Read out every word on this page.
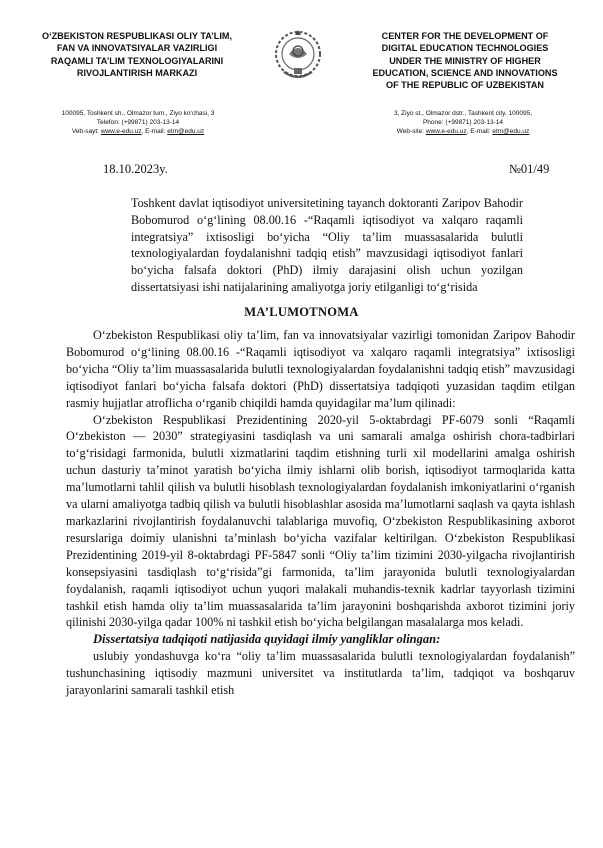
O‘ZBEKISTON RESPUBLIKASI OLIY TA’LIM,
FAN VA INNOVATSIYALAR VAZIRLIGI
RAQAMLI TA’LIM TEXNOLOGIYALARINI
RIVOJLANTIRISH MARKAZI
CENTER FOR THE DEVELOPMENT OF
DIGITAL EDUCATION TECHNOLOGIES
UNDER THE MINISTRY OF HIGHER
EDUCATION, SCIENCE AND INNOVATIONS
OF THE REPUBLIC OF UZBEKISTAN
100095, Toshkent sh., Olmazor tum., Ziyo ko‘chasi, 3
Telefon: (+99871) 203-13-14
Veb-sayt: www.e-edu.uz, E-mail: etm@edu.uz
3, Ziyo st., Olmazor dstr., Tashkent city, 100095,
Phone: (+99871) 203-13-14
Web-site: www.e-edu.uz, E-mail: etm@edu.uz
18.10.2023y.	№01/49
Toshkent davlat iqtisodiyot universitetining tayanch doktoranti Zaripov Bahodir Bobomurod o‘g‘lining 08.00.16 -“Raqamli iqtisodiyot va xalqaro raqamli integratsiya” ixtisosligi bo‘yicha “Oliy ta’lim muassasalarida bulutli texnologiyalardan foydalanishni tadqiq etish” mavzusidagi iqtisodiyot fanlari bo‘yicha falsafa doktori (PhD) ilmiy darajasini olish uchun yozilgan dissertatsiyasi ishi natijalarining amaliyotga joriy etilganligi to‘g‘risida
MA’LUMOTNOMA

O‘zbekiston Respublikasi oliy ta’lim, fan va innovatsiyalar vazirligi tomonidan Zaripov Bahodir Bobomurod o‘g‘lining 08.00.16 -“Raqamli iqtisodiyot va xalqaro raqamli integratsiya” ixtisosligi bo‘yicha “Oliy ta’lim muassasalarida bulutli texnologiyalardan foydalanishni tadqiq etish” mavzusidagi iqtisodiyot fanlari bo‘yicha falsafa doktori (PhD) dissertatsiya tadqiqoti yuzasidan taqdim etilgan rasmiy hujjatlar atroflicha o‘rganib chiqildi hamda quyidagilar ma’lum qilinadi:

O‘zbekiston Respublikasi Prezidentining 2020-yil 5-oktabrdagi PF-6079 sonli “Raqamli O‘zbekiston — 2030” strategiyasini tasdiqlash va uni samarali amalga oshirish chora-tadbirlari to‘g‘risidagi farmonida, bulutli xizmatlarini taqdim etishning turli xil modellarini amalga oshirish uchun dasturiy ta’minot yaratish bo‘yicha ilmiy ishlarni olib borish, iqtisodiyot tarmoqlarida katta ma’lumotlarni tahlil qilish va bulutli hisoblash texnologiyalardan foydalanish imkoniyatlarini o‘rganish va ularni amaliyotga tadbiq qilish va bulutli hisoblashlar asosida ma’lumotlarni saqlash va qayta ishlash markazlarini rivojlantirish foydalanuvchi talablariga muvofiq, O‘zbekiston Respublikasining axborot resurslariga doimiy ulanishni ta’minlash bo‘yicha vazifalar keltirilgan. O‘zbekiston Respublikasi Prezidentining 2019-yil 8-oktabrdagi PF-5847 sonli “Oliy ta’lim tizimini 2030-yilgacha rivojlantirish konsepsiyasini tasdiqlash to‘g‘risida”gi farmonida, ta’lim jarayonida bulutli texnologiyalardan foydalanish, raqamli iqtisodiyot uchun yuqori malakali muhandis-texnik kadrlar tayyorlash tizimini tashkil etish hamda oliy ta’lim muassasalarida ta’lim jarayonini boshqarishda axborot tizimini joriy qilinishi 2030-yilga qadar 100% ni tashkil etish bo‘yicha belgilangan masalalarga mos keladi.

Dissertatsiya tadqiqoti natijasida quyidagi ilmiy yangliklar olingan:

uslubiy yondashuvga ko‘ra “oliy ta’lim muassasalarida bulutli texnologiyalardan foydalanish” tushunchasining iqtisodiy mazmuni universitet va institutlarda ta’lim, tadqiqot va boshqaruv jarayonlarini samarali tashkil etish
